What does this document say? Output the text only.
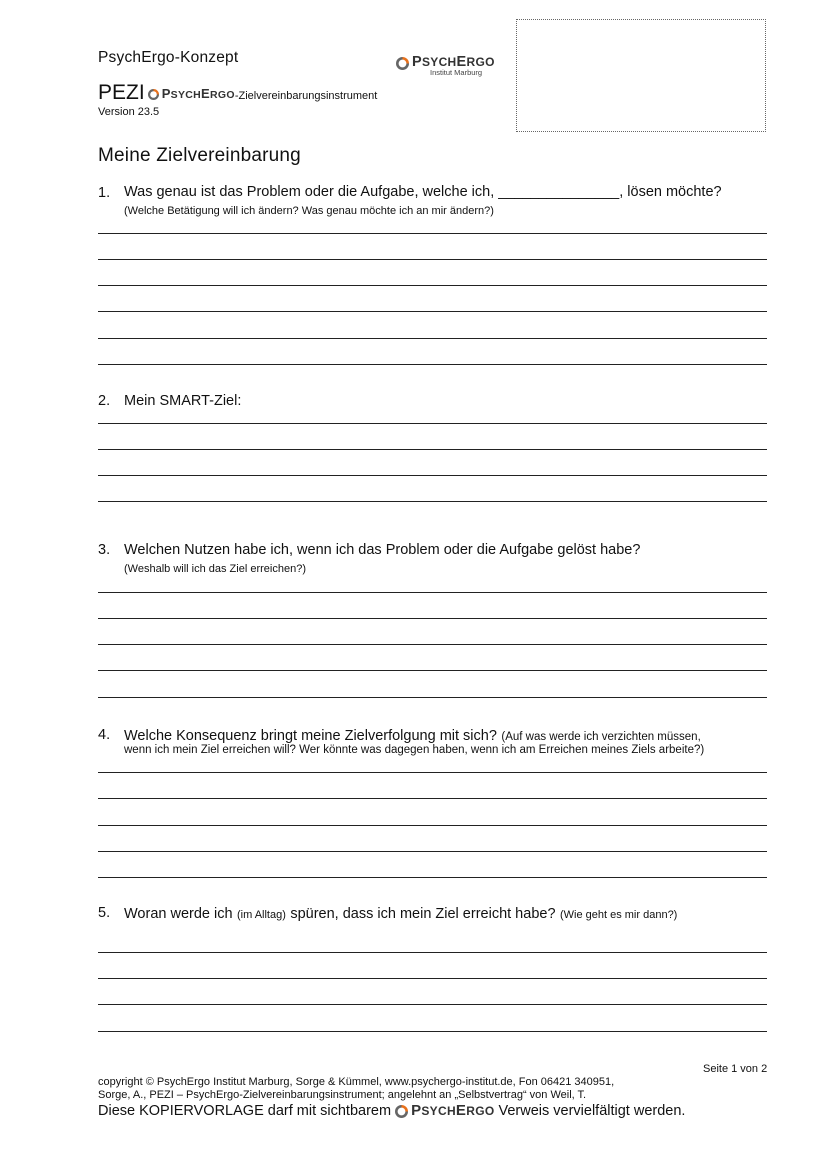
PsychErgo-Konzept	PSYCHERGO
Institut Marburg
PEZI PSYCHERGO -Zielvereinbarungsinstrument
Version 23.5
Meine Zielvereinbarung
1. Was genau ist das Problem oder die Aufgabe, welche ich, _______________, lösen möchte?
(Welche Betätigung will ich ändern? Was genau möchte ich an mir ändern?)
2. Mein SMART-Ziel:
3. Welchen Nutzen habe ich, wenn ich das Problem oder die Aufgabe gelöst habe?
(Weshalb will ich das Ziel erreichen?)
4. Welche Konsequenz bringt meine Zielverfolgung mit sich? (Auf was werde ich verzichten müssen,
wenn ich mein Ziel erreichen will? Wer könnte was dagegen haben, wenn ich am Erreichen meines Ziels arbeite?)
5. Woran werde ich (im Alltag) spüren, dass ich mein Ziel erreicht habe? (Wie geht es mir dann?)
Seite 1 von 2
copyright © PsychErgo Institut Marburg, Sorge & Kümmel, www.psychergo-institut.de, Fon 06421 340951,
Sorge, A., PEZI – PsychErgo-Zielvereinbarungsinstrument; angelehnt an „Selbstvertrag“ von Weil, T.
Diese KOPIERVORLAGE darf mit sichtbarem PSYCHERGO Verweis vervielfältigt werden.
